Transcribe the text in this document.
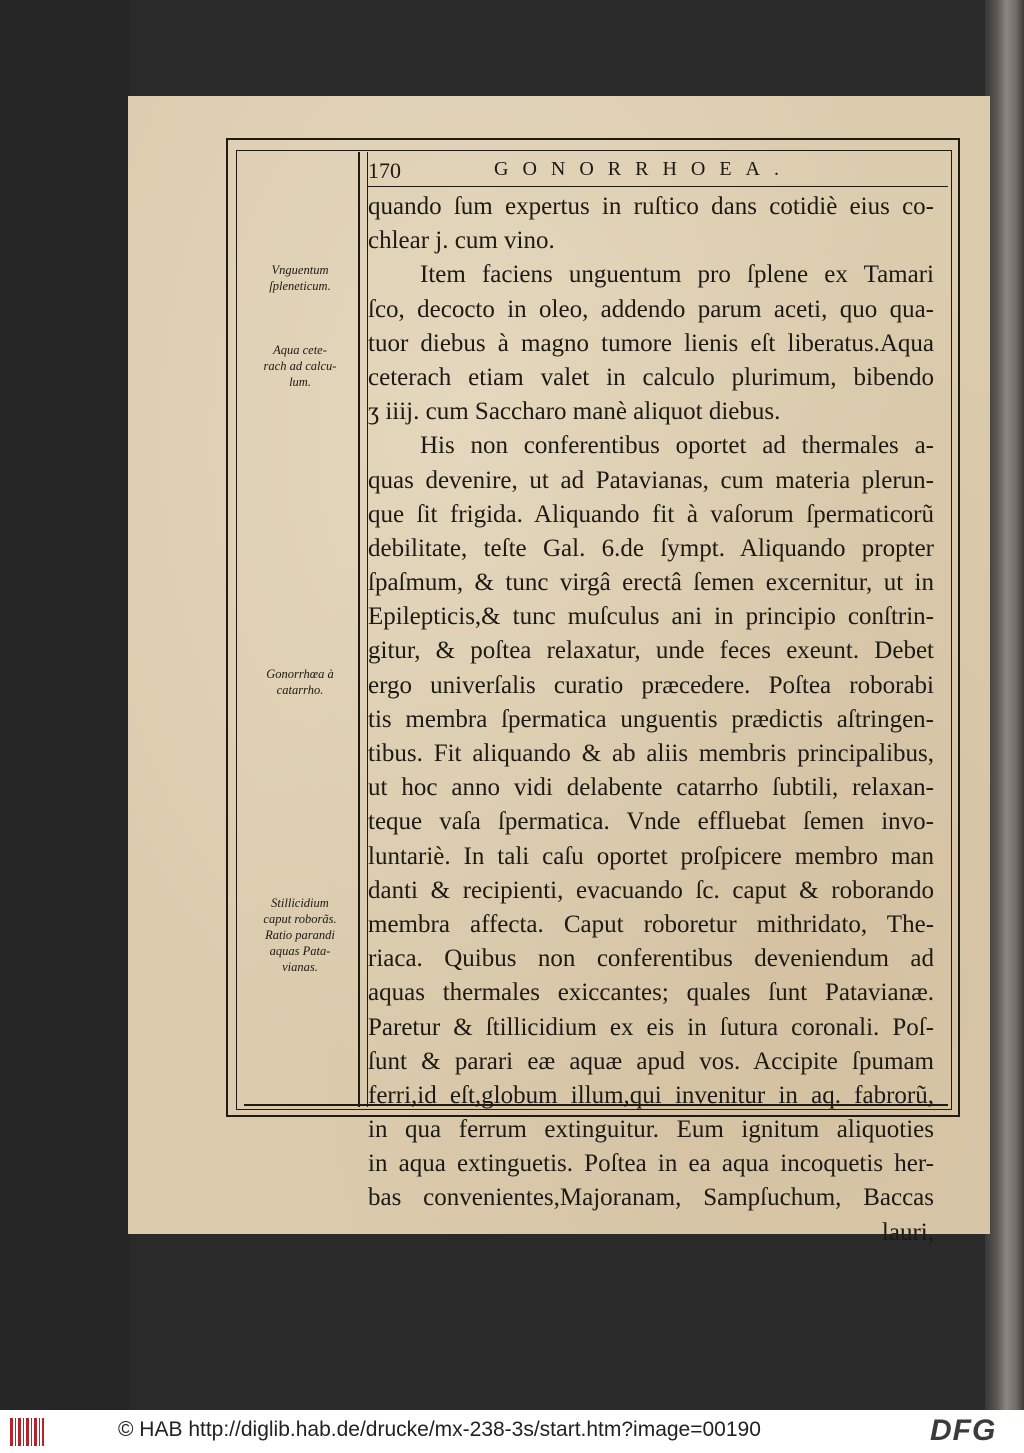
170	GONORRHOEA.
quando ſum expertus in ruſtico dans cotidiè eius co-
chlear j. cum vino.
Item faciens unguentum pro ſplene ex Tamari
ſco, decocto in oleo, addendo parum aceti, quo qua-
tuor diebus à magno tumore lienis eſt liberatus.Aqua
ceterach etiam valet in calculo plurimum, bibendo
ʒ iiij. cum Saccharo manè aliquot diebus.
His non conferentibus oportet ad thermales a-
quas devenire, ut ad Patavianas, cum materia plerun-
que ſit frigida. Aliquando fit à vaſorum ſpermaticorũ
debilitate, teſte Gal. 6.de ſympt. Aliquando propter
ſpaſmum, & tunc virgâ erectâ ſemen excernitur, ut in
Epilepticis,& tunc muſculus ani in principio conſtrin-
gitur, & poſtea relaxatur, unde feces exeunt. Debet
ergo univerſalis curatio præcedere. Poſtea roborabi
tis membra ſpermatica unguentis prædictis aſtringen-
tibus. Fit aliquando & ab aliis membris principalibus,
ut hoc anno vidi delabente catarrho ſubtili, relaxan-
teque vaſa ſpermatica. Vnde effluebat ſemen invo-
luntariè. In tali caſu oportet proſpicere membro man
danti & recipienti, evacuando ſc. caput & roborando
membra affecta. Caput roboretur mithridato, The-
riaca. Quibus non conferentibus deveniendum ad
aquas thermales exiccantes; quales ſunt Patavianæ.
Paretur & ſtillicidium ex eis in ſutura coronali. Poſ-
ſunt & parari eæ aquæ apud vos. Accipite ſpumam
ferri,id eſt,globum illum,qui invenitur in aq. fabrorũ,
in qua ferrum extinguitur. Eum ignitum aliquoties
in aqua extinguetis. Poſtea in ea aqua incoquetis her-
bas convenientes,Majoranam, Sampſuchum, Baccas
lauri,
Vnguentum
ſpleneticum.
Aqua cete-
rach ad calcu-
lum.
Gonorrhœa à
catarrho.
Stillicidium
caput roborãs.
Ratio parandi
aquas Pata-
vianas.
© HAB http://diglib.hab.de/drucke/mx-238-3s/start.htm?image=00190	DFG
